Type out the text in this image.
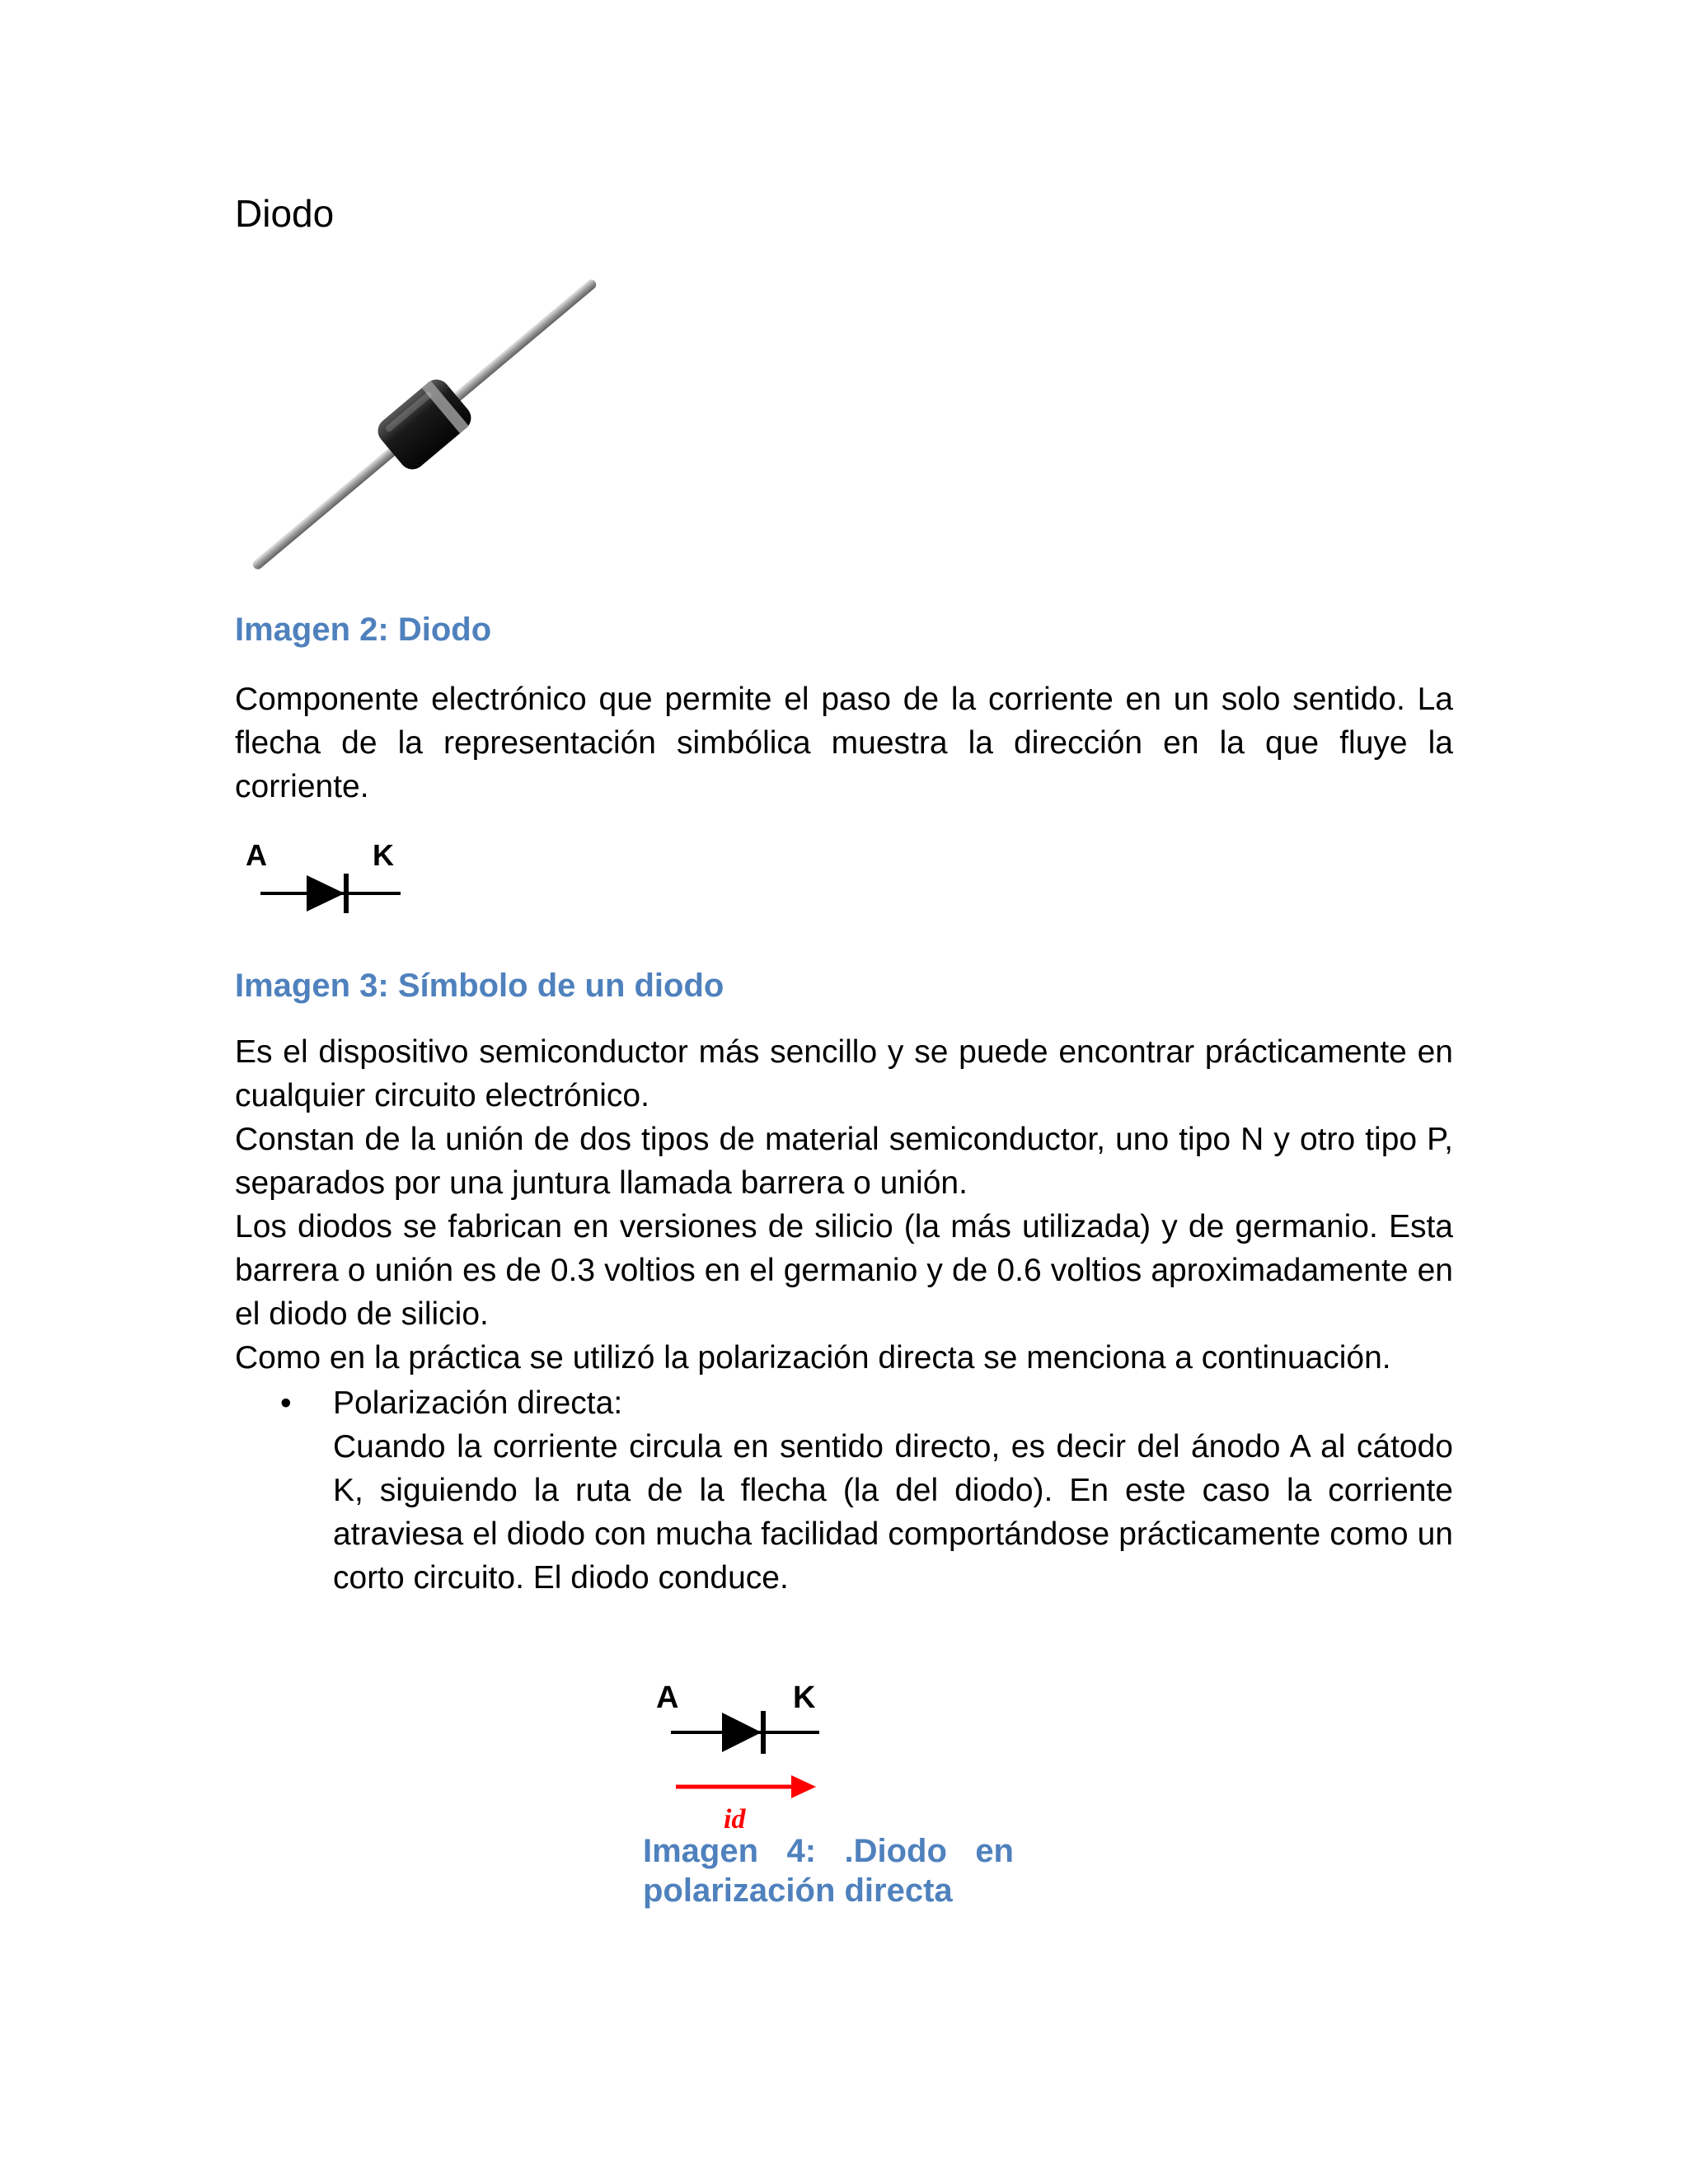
Diodo
Imagen 2: Diodo
Componente electrónico que permite el paso de la corriente en un solo sentido. La flecha de la representación simbólica muestra la dirección en la que fluye la corriente.
A	K
Imagen 3: Símbolo de un diodo

Es el dispositivo semiconductor más sencillo y se puede encontrar prácticamente en cualquier circuito electrónico.

Constan de la unión de dos tipos de material semiconductor, uno tipo N y otro tipo P, separados por una juntura llamada barrera o unión.

Los diodos se fabrican en versiones de silicio (la más utilizada) y de germanio. Esta barrera o unión es de 0.3 voltios en el germanio y de 0.6 voltios aproximadamente en el diodo de silicio.

Como en la práctica se utilizó la polarización directa se menciona a continuación.

•	Polarización directa:
Cuando la corriente circula en sentido directo, es decir del ánodo A al cátodo K, siguiendo la ruta de la flecha (la del diodo). En este caso la corriente atraviesa el diodo con mucha facilidad comportándose prácticamente como un corto circuito. El diodo conduce.
A	K
id
Imagen 4: .Diodo en polarización directa
